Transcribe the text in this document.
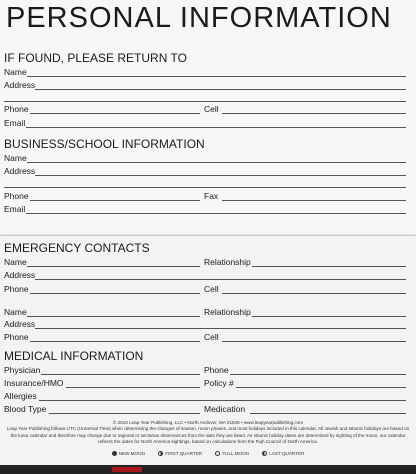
PERSONAL INFORMATION
IF FOUND, PLEASE RETURN TO
Name
Address
Phone	Cell
Email
BUSINESS/SCHOOL INFORMATION
Name
Address
Phone	Fax
Email
EMERGENCY CONTACTS
Name	Relationship
Address
Phone	Cell
Name	Relationship
Address
Phone	Cell
MEDICAL INFORMATION
Physician	Phone
Insurance/HMO	Policy #
Allergies
Blood Type	Medication
© 2019 Leap Year Publishing, LLC • North Andover, MA 01845 • www.leapyearpublishing.com
Leap Year Publishing follows UTC (Universal Time) when determining the changes of season, moon phases, and most holidays included in this calendar. All Jewish and Islamic holidays are based on the lunar calendar and therefore may change due to regional or sectarian observances from the date they are listed. As Islamic holiday dates are determined by sighting of the moon, our calendar reflects the dates for North America sightings, based on calculations from the Fiqh Council of North America.
NEW MOON	FIRST QUARTER	FULL MOON	LAST QUARTER
